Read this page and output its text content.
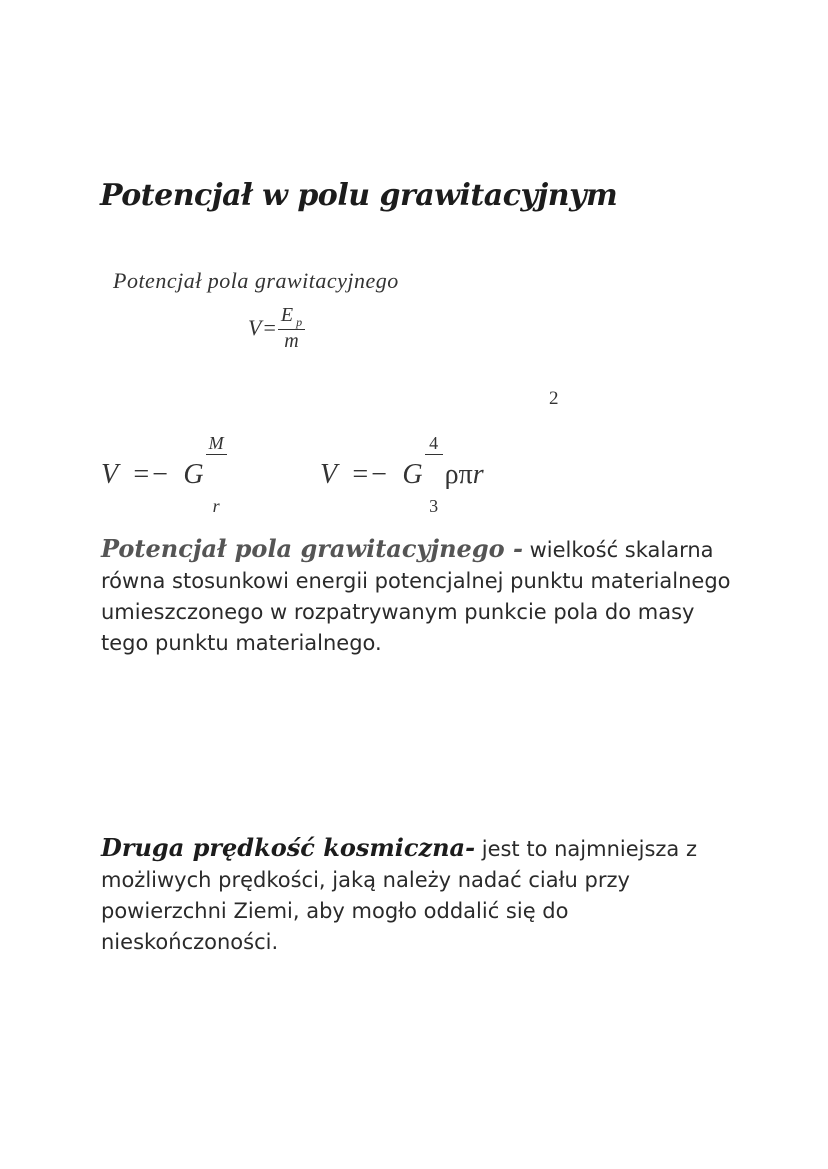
Potencjał w polu grawitacyjnym
Potencjał pola grawitacyjnego
$V = \frac{E _p}{m}$
V  =−  G

$\frac{M}{r}$

	V  =−  G

$\frac{4}{3}$

ρπ r
2

Potencjał pola grawitacyjnego - wielkość skalarna równa stosunkowi energii potencjalnej punktu materialnego umieszczonego w rozpatrywanym punkcie pola do masy tego punktu materialnego.

Druga prędkość kosmiczna- jest to najmniejsza z możliwych prędkości, jaką należy nadać ciału przy powierzchni Ziemi, aby mogło oddalić się do nieskończoności.
